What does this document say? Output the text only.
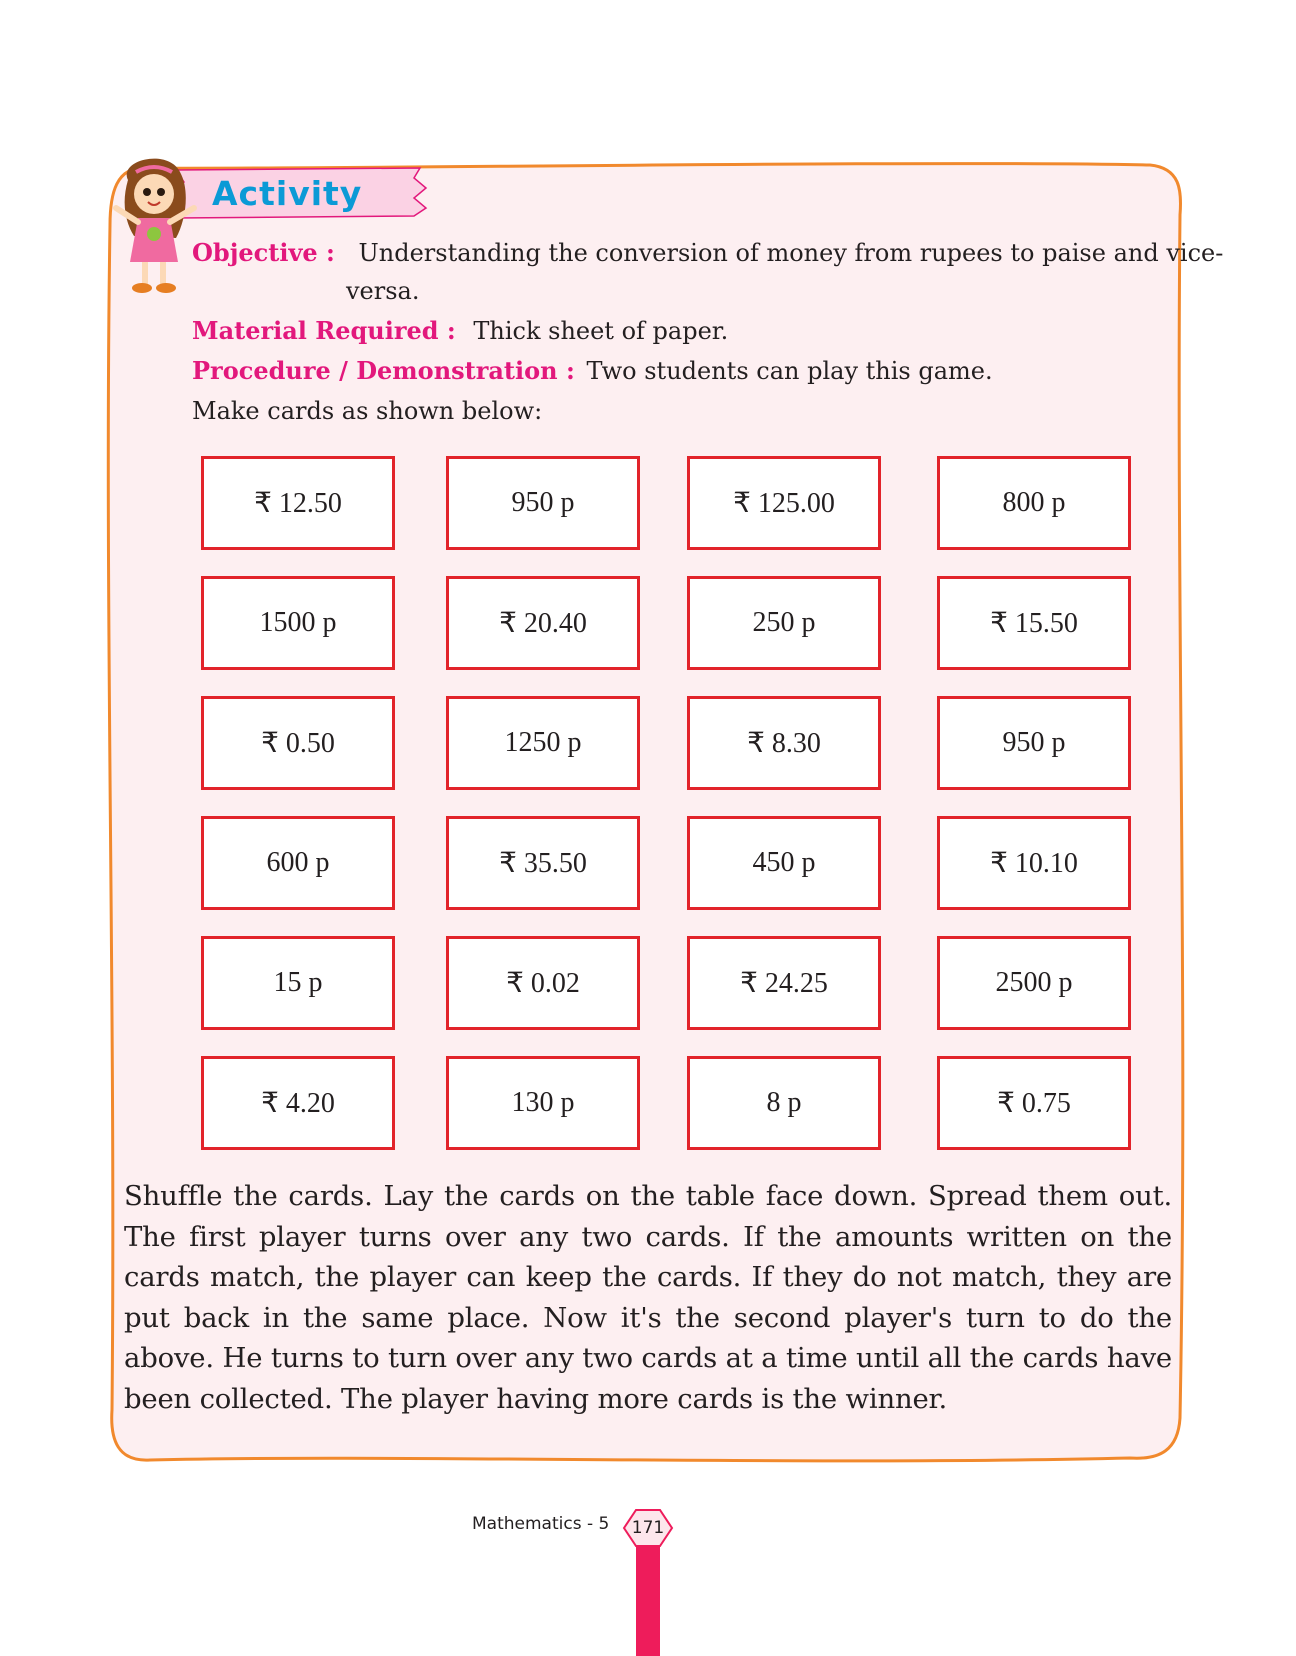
Activity
Objective : Understanding the conversion of money from rupees to paise and vice-
versa.
Material Required : Thick sheet of paper.
Procedure / Demonstration : Two students can play this game.
Make cards as shown below:
₹ 12.50	950 p	₹ 125.00	800 p
1500 p	₹ 20.40	250 p	₹ 15.50
₹ 0.50	1250 p	₹ 8.30	950 p
600 p	₹ 35.50	450 p	₹ 10.10
15 p	₹ 0.02	₹ 24.25	2500 p
₹ 4.20	130 p	8 p	₹ 0.75
Shuffle the cards. Lay the cards on the table face down. Spread them out. The first player turns over any two cards. If the amounts written on the cards match, the player can keep the cards. If they do not match, they are put back in the same place. Now it's the second player's turn to do the above. He turns to turn over any two cards at a time until all the cards have been collected. The player having more cards is the winner.
Mathematics - 5	171
